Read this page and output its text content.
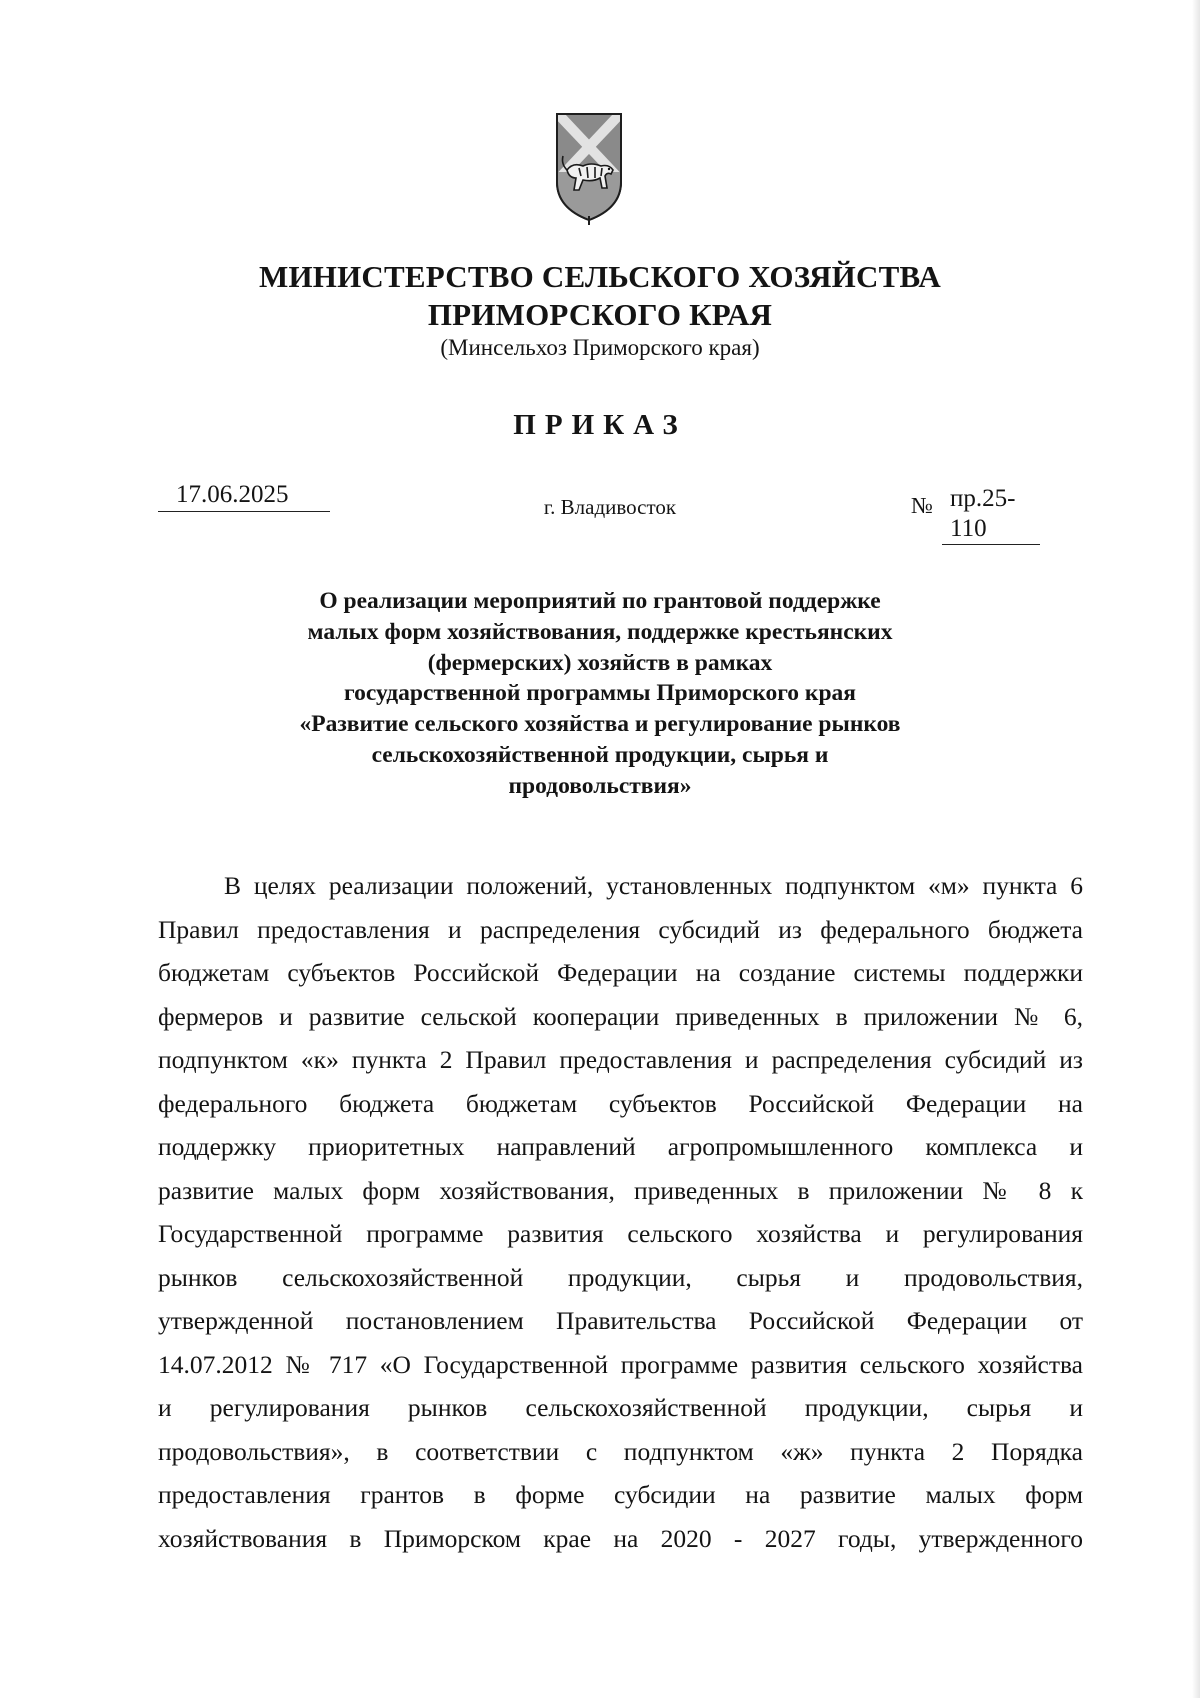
МИНИСТЕРСТВО СЕЛЬСКОГО ХОЗЯЙСТВА
ПРИМОРСКОГО КРАЯ
(Минсельхоз Приморского края)
ПРИКАЗ
17.06.2025	г. Владивосток	№ пр.25-110
О реализации мероприятий по грантовой поддержке
малых форм хозяйствования, поддержке крестьянских
(фермерских) хозяйств в рамках
государственной программы Приморского края
«Развитие сельского хозяйства и регулирование рынков
сельскохозяйственной продукции, сырья и
продовольствия»
В целях реализации положений, установленных подпунктом «м» пункта 6
Правил предоставления и распределения субсидий из федерального бюджета
бюджетам субъектов Российской Федерации на создание системы поддержки
фермеров и развитие сельской кооперации приведенных в приложении № 6,
подпунктом «к» пункта 2 Правил предоставления и распределения субсидий из
федерального бюджета бюджетам субъектов Российской Федерации на
поддержку приоритетных направлений агропромышленного комплекса и
развитие малых форм хозяйствования, приведенных в приложении № 8 к
Государственной программе развития сельского хозяйства и регулирования
рынков сельскохозяйственной продукции, сырья и продовольствия,
утвержденной постановлением Правительства Российской Федерации от
14.07.2012 № 717 «О Государственной программе развития сельского хозяйства
и регулирования рынков сельскохозяйственной продукции, сырья и
продовольствия», в соответствии с подпунктом «ж» пункта 2 Порядка
предоставления грантов в форме субсидии на развитие малых форм
хозяйствования в Приморском крае на 2020 - 2027 годы, утвержденного
